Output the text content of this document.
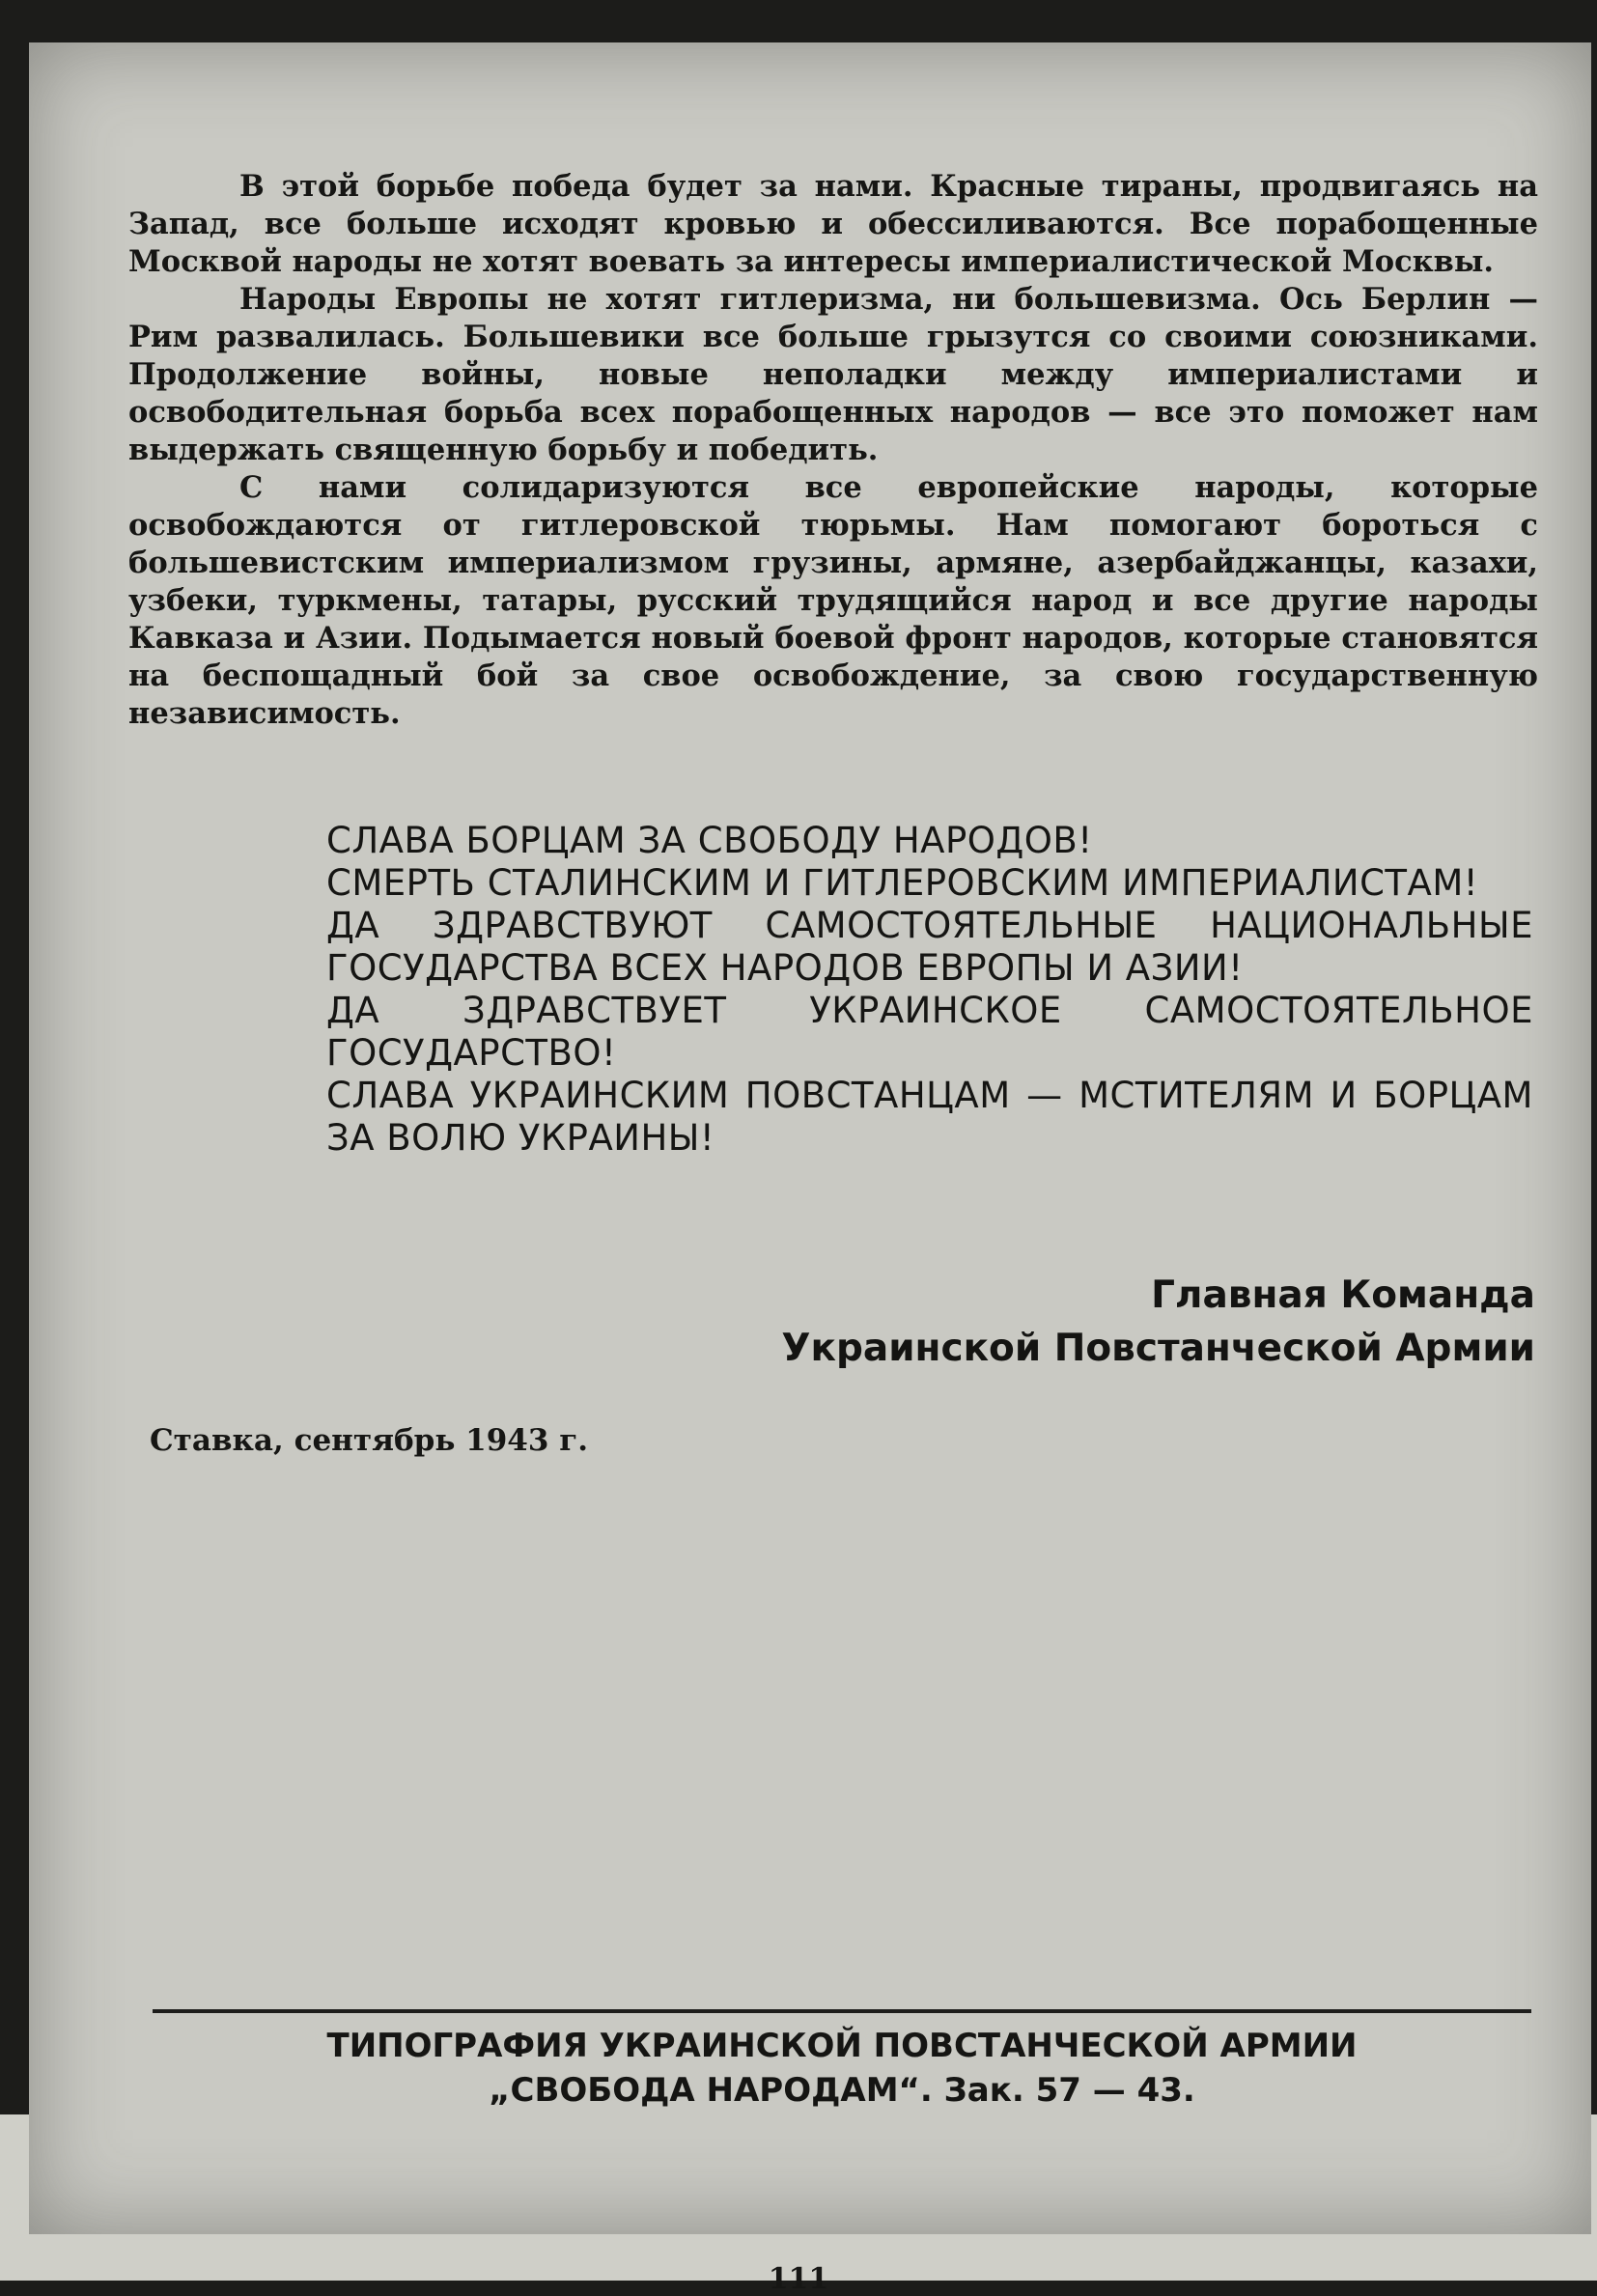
В этой борьбе победа будет за нами. Красные тираны, продвигаясь на Запад, все больше исходят кровью и обессиливаются. Все порабощенные Москвой народы не хотят воевать за интересы империалистической Москвы.

Народы Европы не хотят гитлеризма, ни большевизма. Ось Берлин — Рим развалилась. Большевики все больше грызутся со своими союзниками. Продолжение войны, новые неполадки между империалистами и освободительная борьба всех порабощенных народов — все это поможет нам выдержать священную борьбу и победить.

С нами солидаризуются все европейские народы, которые освобождаются от гитлеровской тюрьмы. Нам помогают бороться с большевистским империализмом грузины, армяне, азербайджанцы, казахи, узбеки, туркмены, татары, русский трудящийся народ и все другие народы Кавказа и Азии. Подымается новый боевой фронт народов, которые становятся на беспощадный бой за свое освобождение, за свою государственную независимость.

СЛАВА БОРЦАМ ЗА СВОБОДУ НАРОДОВ!
СМЕРТЬ СТАЛИНСКИМ И ГИТЛЕРОВСКИМ ИМПЕРИАЛИСТАМ!
ДА ЗДРАВСТВУЮТ САМОСТОЯТЕЛЬНЫЕ НАЦИОНАЛЬНЫЕ ГОСУДАРСТВА ВСЕХ НАРОДОВ ЕВРОПЫ И АЗИИ!
ДА ЗДРАВСТВУЕТ УКРАИНСКОЕ САМОСТОЯТЕЛЬНОЕ ГОСУДАРСТВО!
СЛАВА УКРАИНСКИМ ПОВСТАНЦАМ — МСТИТЕЛЯМ И БОРЦАМ ЗА ВОЛЮ УКРАИНЫ!
Главная Команда
Украинской Повстанческой Армии
Ставка, сентябрь 1943 г.
ТИПОГРАФИЯ УКРАИНСКОЙ ПОВСТАНЧЕСКОЙ АРМИИ
„СВОБОДА НАРОДАМ“. Зак. 57 — 43.
111
